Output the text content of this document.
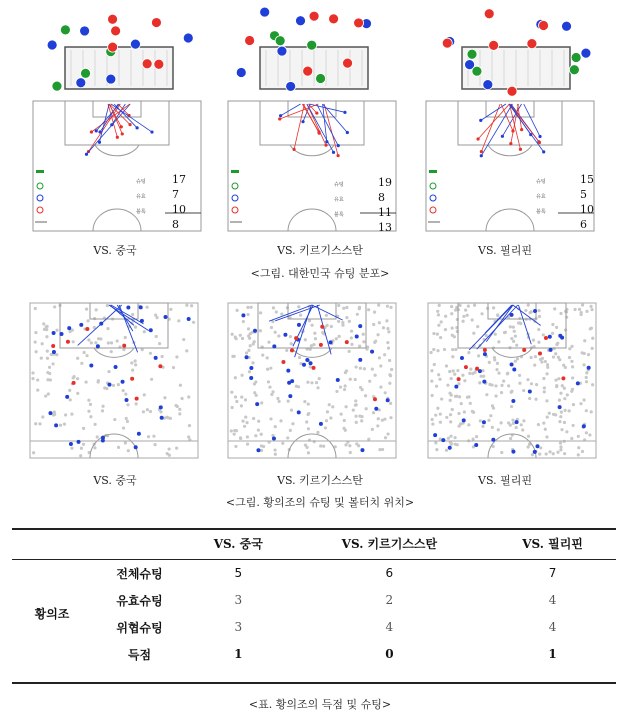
VS. 중국	VS. 키르기스스탄	VS. 필리핀
<그림. 대한민국 슈팅 분포>
슈팅 17
유효 7
블록 10
8
슈팅	19
유효	8
블록	11
13
슈팅	15
유효	5
블록	10
6
VS. 중국	VS. 키르기스스탄	VS. 필리핀
<그림. 황의조의 슈팅 및 볼터치 위치>
		VS. 중국	VS. 키르기스스탄	VS. 필리핀
황의조	전체슈팅	5	6	7
	유효슈팅	3	2	4
	위협슈팅	3	4	4
	득점	1	0	1
<표. 황의조의 득점 및 슈팅>
